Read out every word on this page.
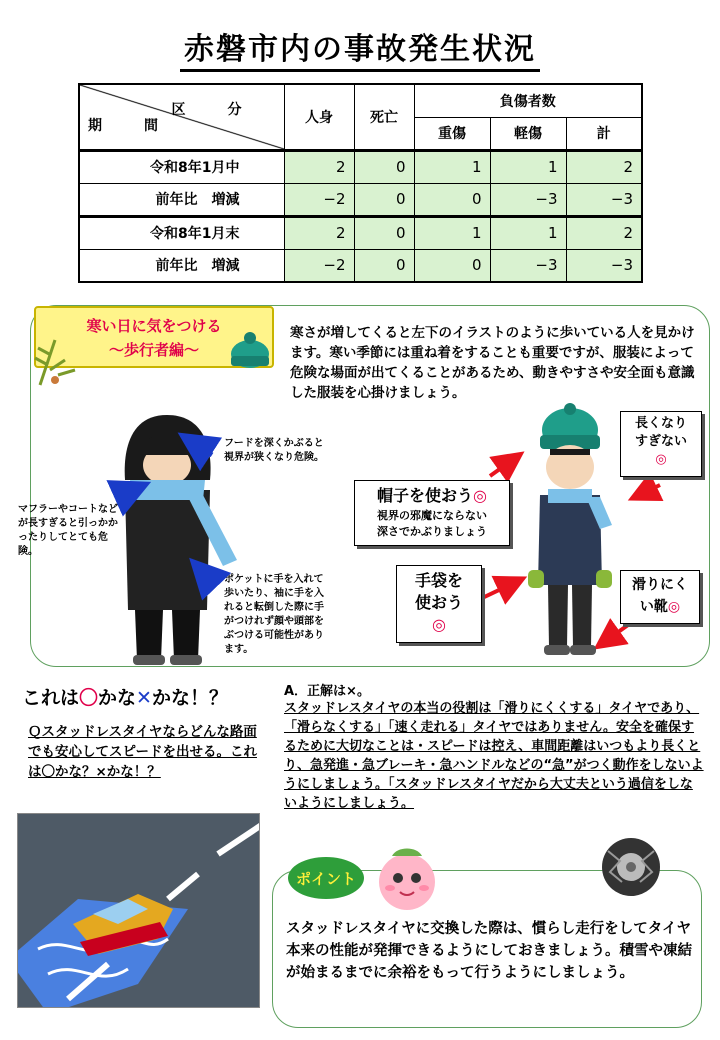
赤磐市内の事故発生状況
区　分
期　間	人身	死亡	負傷者数		
			重傷	軽傷	計
令和8年1月中	2	0	1	1	2
前年比　増減	−2	0	0	−3	−3
令和8年1月末	2	0	1	1	2
前年比　増減	−2	0	0	−3	−3
寒い日に気をつける
〜歩行者編〜
寒さが増してくると左下のイラストのように歩いている人を見かけます。寒い季節には重ね着をすることも重要ですが、服装によって危険な場面が出てくることがあるため、動きやすさや安全面も意識した服装を心掛けましょう。
フードを深くかぶると視界が狭くなり危険。
マフラーやコートなどが長すぎると引っかかったりしてとても危険。
ポケットに手を入れて歩いたり、袖に手を入れると転倒した際に手がつけれず顔や頭部をぶつける可能性があります。
帽子を使おう◎
視界の邪魔にならない
深さでかぶりましょう
長くなり
すぎない
◎
手袋を
使おう
◎
滑りにく
い靴◎
これは〇かな✕かな！？
Ｑスタッドレスタイヤならどんな路面でも安心してスピードを出せる。これは〇かな？×かな！？
A．正解は×。
スタッドレスタイヤの本当の役割は「滑りにくくする」タイヤであり、「滑らなくする」「速く走れる」タイヤではありません。安全を確保するために大切なことは・スピードは控え、車間距離はいつもより長くとり、急発進・急ブレーキ・急ハンドルなどの“急”がつく動作をしないようにしましょう。「スタッドレスタイヤだから大丈夫という過信をしないようにしましょう。
ポイント
スタッドレスタイヤに交換した際は、慣らし走行をしてタイヤ本来の性能が発揮できるようにしておきましょう。積雪や凍結が始まるまでに余裕をもって行うようにしましょう。
